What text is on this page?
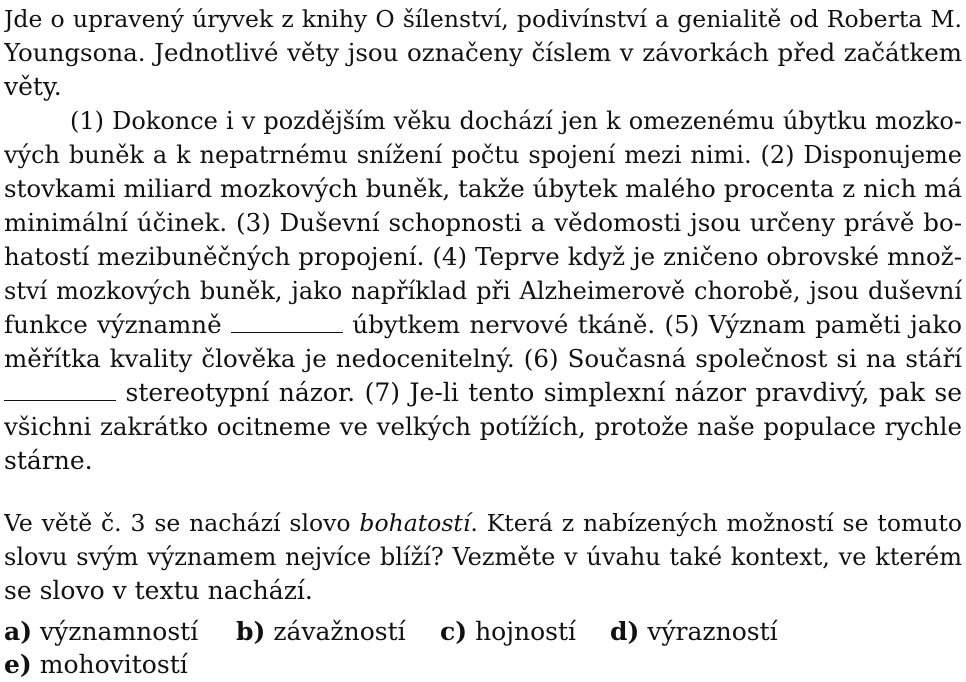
Jde o upravený úryvek z knihy O šílenství, podivínství a genialitě od Roberta M.
Youngsona. Jednotlivé věty jsou označeny číslem v závorkách před začátkem
věty.
(1) Dokonce i v pozdějším věku dochází jen k omezenému úbytku mozko-
vých buněk a k nepatrnému snížení počtu spojení mezi nimi. (2) Disponujeme
stovkami miliard mozkových buněk, takže úbytek malého procenta z nich má
minimální účinek. (3) Duševní schopnosti a vědomosti jsou určeny právě bo-
hatostí mezibuněčných propojení. (4) Teprve když je zničeno obrovské množ-
ství mozkových buněk, jako například při Alzheimerově chorobě, jsou duševní
funkce významně	úbytkem nervové tkáně. (5) Význam paměti jako
měřítka kvality člověka je nedocenitelný. (6) Současná společnost si na stáří
stereotypní názor. (7) Je-li tento simplexní názor pravdivý, pak se
všichni zakrátko ocitneme ve velkých potížích, protože naše populace rychle
stárne.
Ve větě č. 3 se nachází slovo bohatostí. Která z nabízených možností se tomuto
slovu svým významem nejvíce blíží? Vezměte v úvahu také kontext, ve kterém
se slovo v textu nachází.
a) významností b) závažností c) hojností d) výrazností
e) mohovitostí
